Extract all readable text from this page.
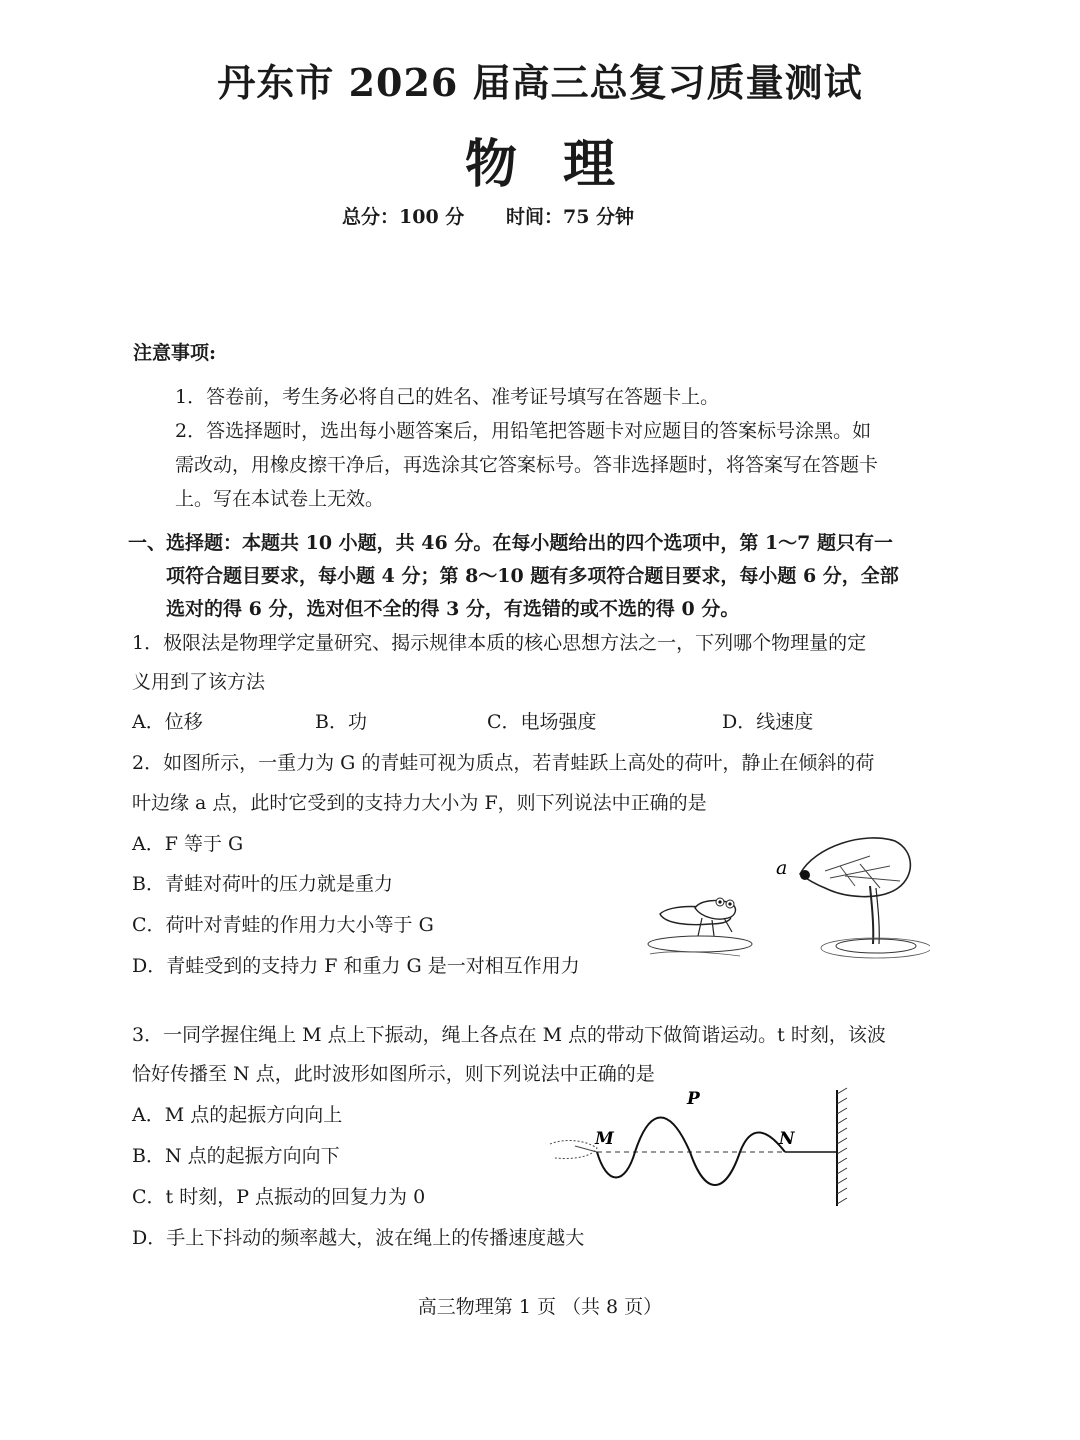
丹东市 2026 届高三总复习质量测试
物理
总分：100 分 时间：75 分钟
注意事项:
1．答卷前，考生务必将自己的姓名、准考证号填写在答题卡上。
2．答选择题时，选出每小题答案后，用铅笔把答题卡对应题目的答案标号涂黑。如
需改动，用橡皮擦干净后，再选涂其它答案标号。答非选择题时，将答案写在答题卡
上。写在本试卷上无效。
一、选择题：本题共 10 小题，共 46 分。在每小题给出的四个选项中，第 1～7 题只有一
项符合题目要求，每小题 4 分；第 8～10 题有多项符合题目要求，每小题 6 分，全部
选对的得 6 分，选对但不全的得 3 分，有选错的或不选的得 0 分。
1．极限法是物理学定量研究、揭示规律本质的核心思想方法之一，下列哪个物理量的定
义用到了该方法
A．位移	B．功	C．电场强度	D．线速度
2．如图所示，一重力为 G 的青蛙可视为质点，若青蛙跃上高处的荷叶，静止在倾斜的荷
叶边缘 a 点，此时它受到的支持力大小为 F，则下列说法中正确的是
A．F 等于 G
B．青蛙对荷叶的压力就是重力
C．荷叶对青蛙的作用力大小等于 G
D．青蛙受到的支持力 F 和重力 G 是一对相互作用力
a
3．一同学握住绳上 M 点上下振动，绳上各点在 M 点的带动下做简谐运动。t 时刻，该波
恰好传播至 N 点，此时波形如图所示，则下列说法中正确的是
A．M 点的起振方向向上
B．N 点的起振方向向下
C．t 时刻，P 点振动的回复力为 0
D．手上下抖动的频率越大，波在绳上的传播速度越大
M
P
N
高三物理第 1 页 （共 8 页）
